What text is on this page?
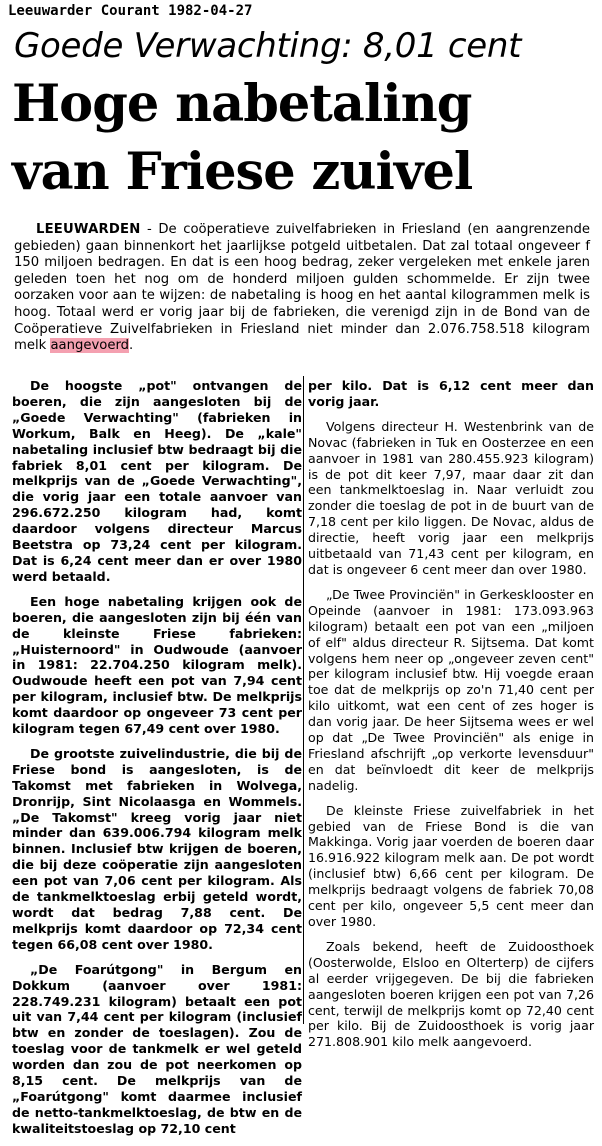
Leeuwarder Courant 1982-04-27
Goede Verwachting: 8,01 cent
Hoge nabetaling
van Friese zuivel
LEEUWARDEN - De coöperatieve zuivelfabrieken in Friesland (en aangrenzende gebieden) gaan binnenkort het jaarlijkse potgeld uitbetalen. Dat zal totaal ongeveer f 150 miljoen bedragen. En dat is een hoog bedrag, zeker vergeleken met enkele jaren geleden toen het nog om de honderd miljoen gulden schommelde. Er zijn twee oorzaken voor aan te wijzen: de nabetaling is hoog en het aantal kilogrammen melk is hoog. Totaal werd er vorig jaar bij de fabrieken, die verenigd zijn in de Bond van de Coöperatieve Zuivelfabrieken in Friesland niet minder dan 2.076.758.518 kilogram melk aangevoerd.

De hoogste „pot" ontvangen de boeren, die zijn aangesloten bij de „Goede Verwachting" (fabrieken in Workum, Balk en Heeg). De „kale" nabetaling inclusief btw bedraagt bij die fabriek 8,01 cent per kilogram. De melkprijs van de „Goede Verwachting", die vorig jaar een totale aanvoer van 296.672.250 kilogram had, komt daardoor volgens directeur Marcus Beetstra op 73,24 cent per kilogram. Dat is 6,24 cent meer dan er over 1980 werd betaald.

Een hoge nabetaling krijgen ook de boeren, die aangesloten zijn bij één van de kleinste Friese fabrieken: „Huisternoord" in Oudwoude (aanvoer in 1981: 22.704.250 kilogram melk). Oudwoude heeft een pot van 7,94 cent per kilogram, inclusief btw. De melkprijs komt daardoor op ongeveer 73 cent per kilogram tegen 67,49 cent over 1980.

De grootste zuivelindustrie, die bij de Friese bond is aangesloten, is de Takomst met fabrieken in Wolvega, Dronrijp, Sint Nicolaasga en Wommels. „De Takomst" kreeg vorig jaar niet minder dan 639.006.794 kilogram melk binnen. Inclusief btw krijgen de boeren, die bij deze coöperatie zijn aangesloten een pot van 7,06 cent per kilogram. Als de tankmelktoeslag erbij geteld wordt, wordt dat bedrag 7,88 cent. De melkprijs komt daardoor op 72,34 cent tegen 66,08 cent over 1980.

„De Foarútgong" in Bergum en Dokkum (aanvoer over 1981: 228.749.231 kilogram) betaalt een pot uit van 7,44 cent per kilogram (inclusief btw en zonder de toeslagen). Zou de toeslag voor de tankmelk er wel geteld worden dan zou de pot neerkomen op 8,15 cent. De melkprijs van de „Foarútgong" komt daarmee inclusief de netto-tankmelktoeslag, de btw en de kwaliteitstoeslag op 72,10 cent

per kilo. Dat is 6,12 cent meer dan vorig jaar.

Volgens directeur H. Westenbrink van de Novac (fabrieken in Tuk en Oosterzee en een aanvoer in 1981 van 280.455.923 kilogram) is de pot dit keer 7,97, maar daar zit dan een tankmelktoeslag in. Naar verluidt zou zonder die toeslag de pot in de buurt van de 7,18 cent per kilo liggen. De Novac, aldus de directie, heeft vorig jaar een melkprijs uitbetaald van 71,43 cent per kilogram, en dat is ongeveer 6 cent meer dan over 1980.

„De Twee Provinciën" in Gerkesklooster en Opeinde (aanvoer in 1981: 173.093.963 kilogram) betaalt een pot van een „miljoen of elf" aldus directeur R. Sijtsema. Dat komt volgens hem neer op „ongeveer zeven cent" per kilogram inclusief btw. Hij voegde eraan toe dat de melkprijs op zo'n 71,40 cent per kilo uitkomt, wat een cent of zes hoger is dan vorig jaar. De heer Sijtsema wees er wel op dat „De Twee Provinciën" als enige in Friesland afschrijft „op verkorte levensduur" en dat beïnvloedt dit keer de melkprijs nadelig.

De kleinste Friese zuivelfabriek in het gebied van de Friese Bond is die van Makkinga. Vorig jaar voerden de boeren daar 16.916.922 kilogram melk aan. De pot wordt (inclusief btw) 6,66 cent per kilogram. De melkprijs bedraagt volgens de fabriek 70,08 cent per kilo, ongeveer 5,5 cent meer dan over 1980.

Zoals bekend, heeft de Zuidoosthoek (Oosterwolde, Elsloo en Olterterp) de cijfers al eerder vrijgegeven. De bij die fabrieken aangesloten boeren krijgen een pot van 7,26 cent, terwijl de melkprijs komt op 72,40 cent per kilo. Bij de Zuidoosthoek is vorig jaar 271.808.901 kilo melk aangevoerd.
